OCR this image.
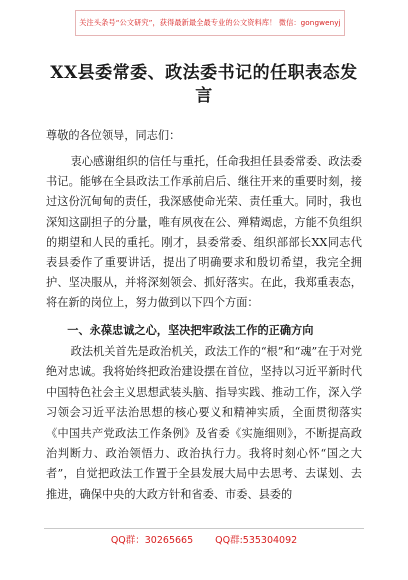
关注头条号“公文研究”，获得最新最全最专业的公文资料库！ 微信：gongwenyj
XX县委常委、政法委书记的任职表态发言

尊敬的各位领导，同志们：

衷心感谢组织的信任与重托，任命我担任县委常委、政法委书记。能够在全县政法工作承前启后、继往开来的重要时刻，接过这份沉甸甸的责任，我深感使命光荣、责任重大。同时，我也深知这副担子的分量，唯有夙夜在公、殚精竭虑，方能不负组织的期望和人民的重托。刚才，县委常委、组织部部长XX同志代表县委作了重要讲话，提出了明确要求和殷切希望，我完全拥护、坚决服从，并将深刻领会、抓好落实。在此，我郑重表态，将在新的岗位上，努力做到以下四个方面：

一、永葆忠诚之心，坚决把牢政法工作的正确方向

政法机关首先是政治机关，政法工作的“根”和“魂”在于对党绝对忠诚。我将始终把政治建设摆在首位，坚持以习近平新时代中国特色社会主义思想武装头脑、指导实践、推动工作，深入学习领会习近平法治思想的核心要义和精神实质，全面贯彻落实《中国共产党政法工作条例》及省委《实施细则》，不断提高政治判断力、政治领悟力、政治执行力。我将时刻心怀“国之大者”，自觉把政法工作置于全县发展大局中去思考、去谋划、去推进，确保中央的大政方针和省委、市委、县委的

QQ群：30265665 QQ群:535304092
